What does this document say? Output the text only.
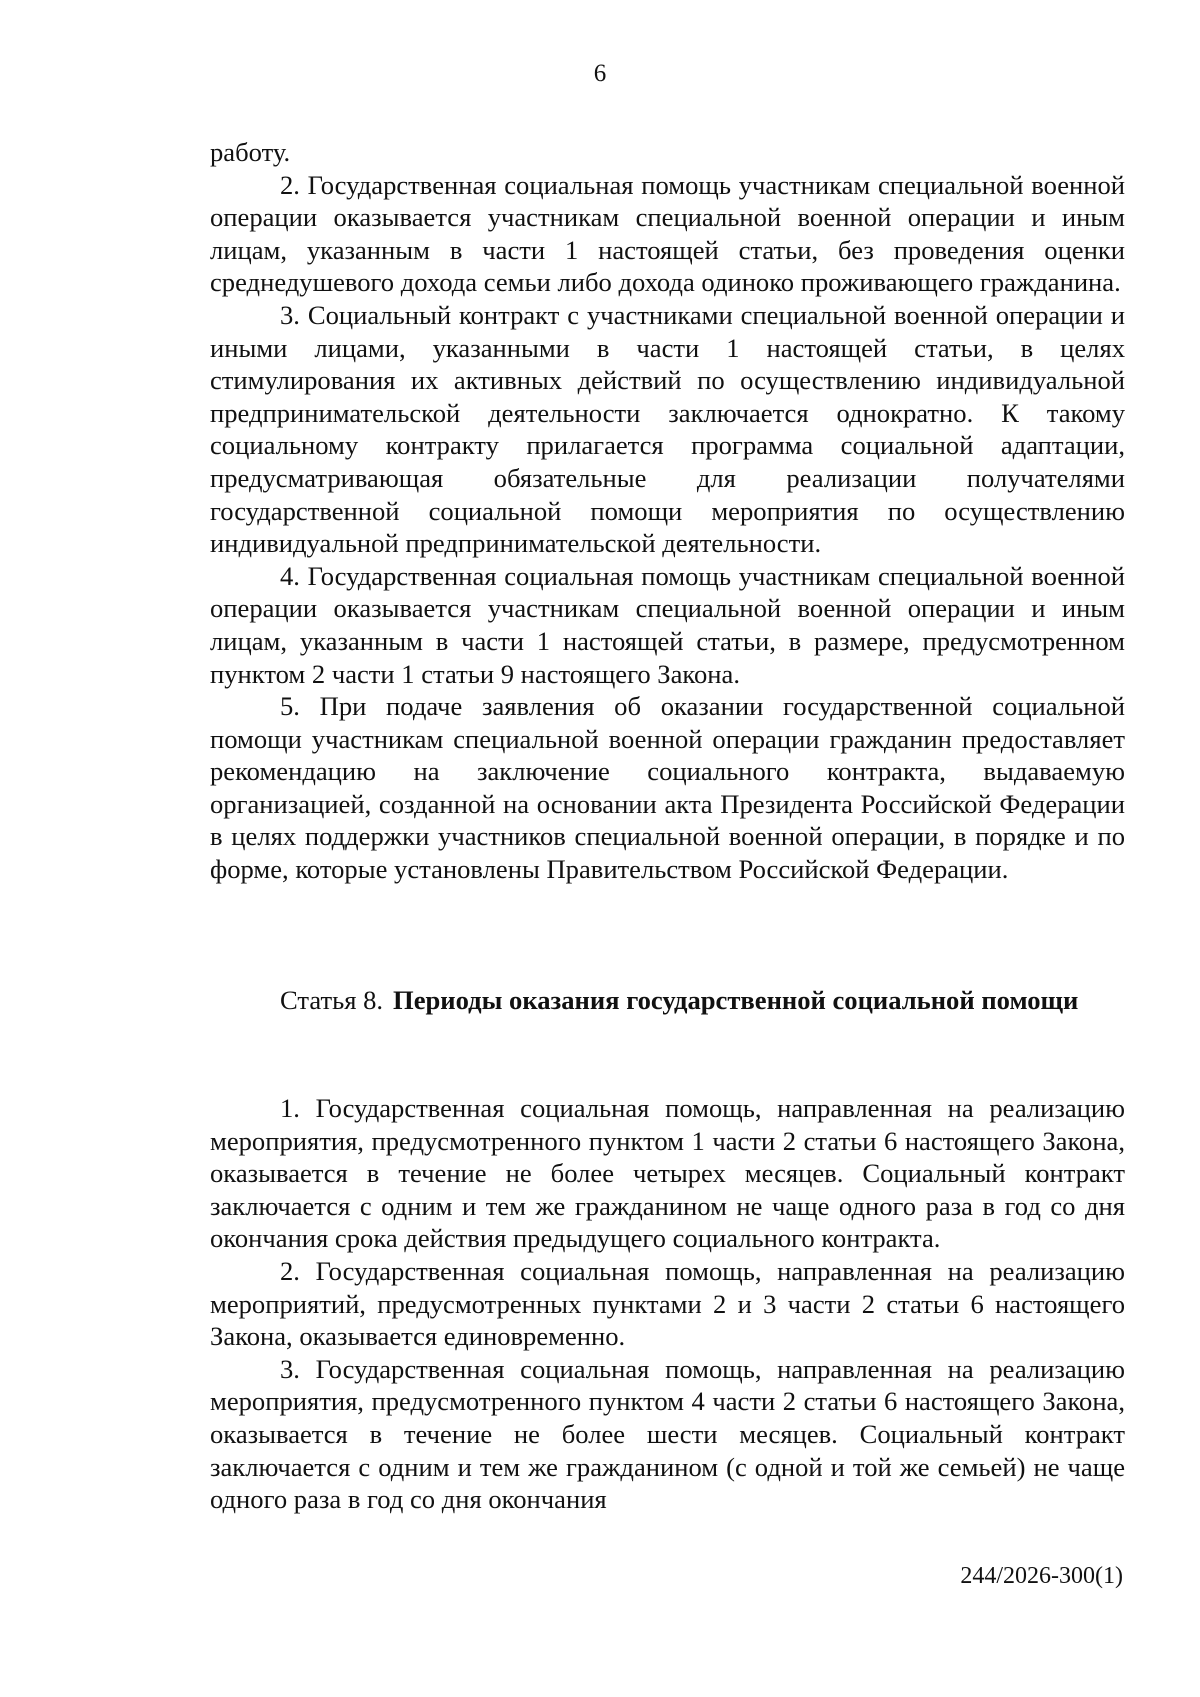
6

работу.

2. Государственная социальная помощь участникам специальной военной операции оказывается участникам специальной военной операции и иным лицам, указанным в части 1 настоящей статьи, без проведения оценки среднедушевого дохода семьи либо дохода одиноко проживающего гражданина.

3. Социальный контракт с участниками специальной военной операции и иными лицами, указанными в части 1 настоящей статьи, в целях стимулирования их активных действий по осуществлению индивидуальной предпринимательской деятельности заключается однократно. К такому социальному контракту прилагается программа социальной адаптации, предусматривающая обязательные для реализации получателями государственной социальной помощи мероприятия по осуществлению индивидуальной предпринимательской деятельности.

4. Государственная социальная помощь участникам специальной военной операции оказывается участникам специальной военной операции и иным лицам, указанным в части 1 настоящей статьи, в размере, предусмотренном пунктом 2 части 1 статьи 9 настоящего Закона.

5. При подаче заявления об оказании государственной социальной помощи участникам специальной военной операции гражданин предоставляет рекомендацию на заключение социального контракта, выдаваемую организацией, созданной на основании акта Президента Российской Федерации в целях поддержки участников специальной военной операции, в порядке и по форме, которые установлены Правительством Российской Федерации.

Статья 8. Периоды оказания государственной социальной помощи

1. Государственная социальная помощь, направленная на реализацию мероприятия, предусмотренного пунктом 1 части 2 статьи 6 настоящего Закона, оказывается в течение не более четырех месяцев. Социальный контракт заключается с одним и тем же гражданином не чаще одного раза в год со дня окончания срока действия предыдущего социального контракта.

2. Государственная социальная помощь, направленная на реализацию мероприятий, предусмотренных пунктами 2 и 3 части 2 статьи 6 настоящего Закона, оказывается единовременно.

3. Государственная социальная помощь, направленная на реализацию мероприятия, предусмотренного пунктом 4 части 2 статьи 6 настоящего Закона, оказывается в течение не более шести месяцев. Социальный контракт заключается с одним и тем же гражданином (с одной и той же семьей) не чаще одного раза в год со дня окончания

244/2026-300(1)
